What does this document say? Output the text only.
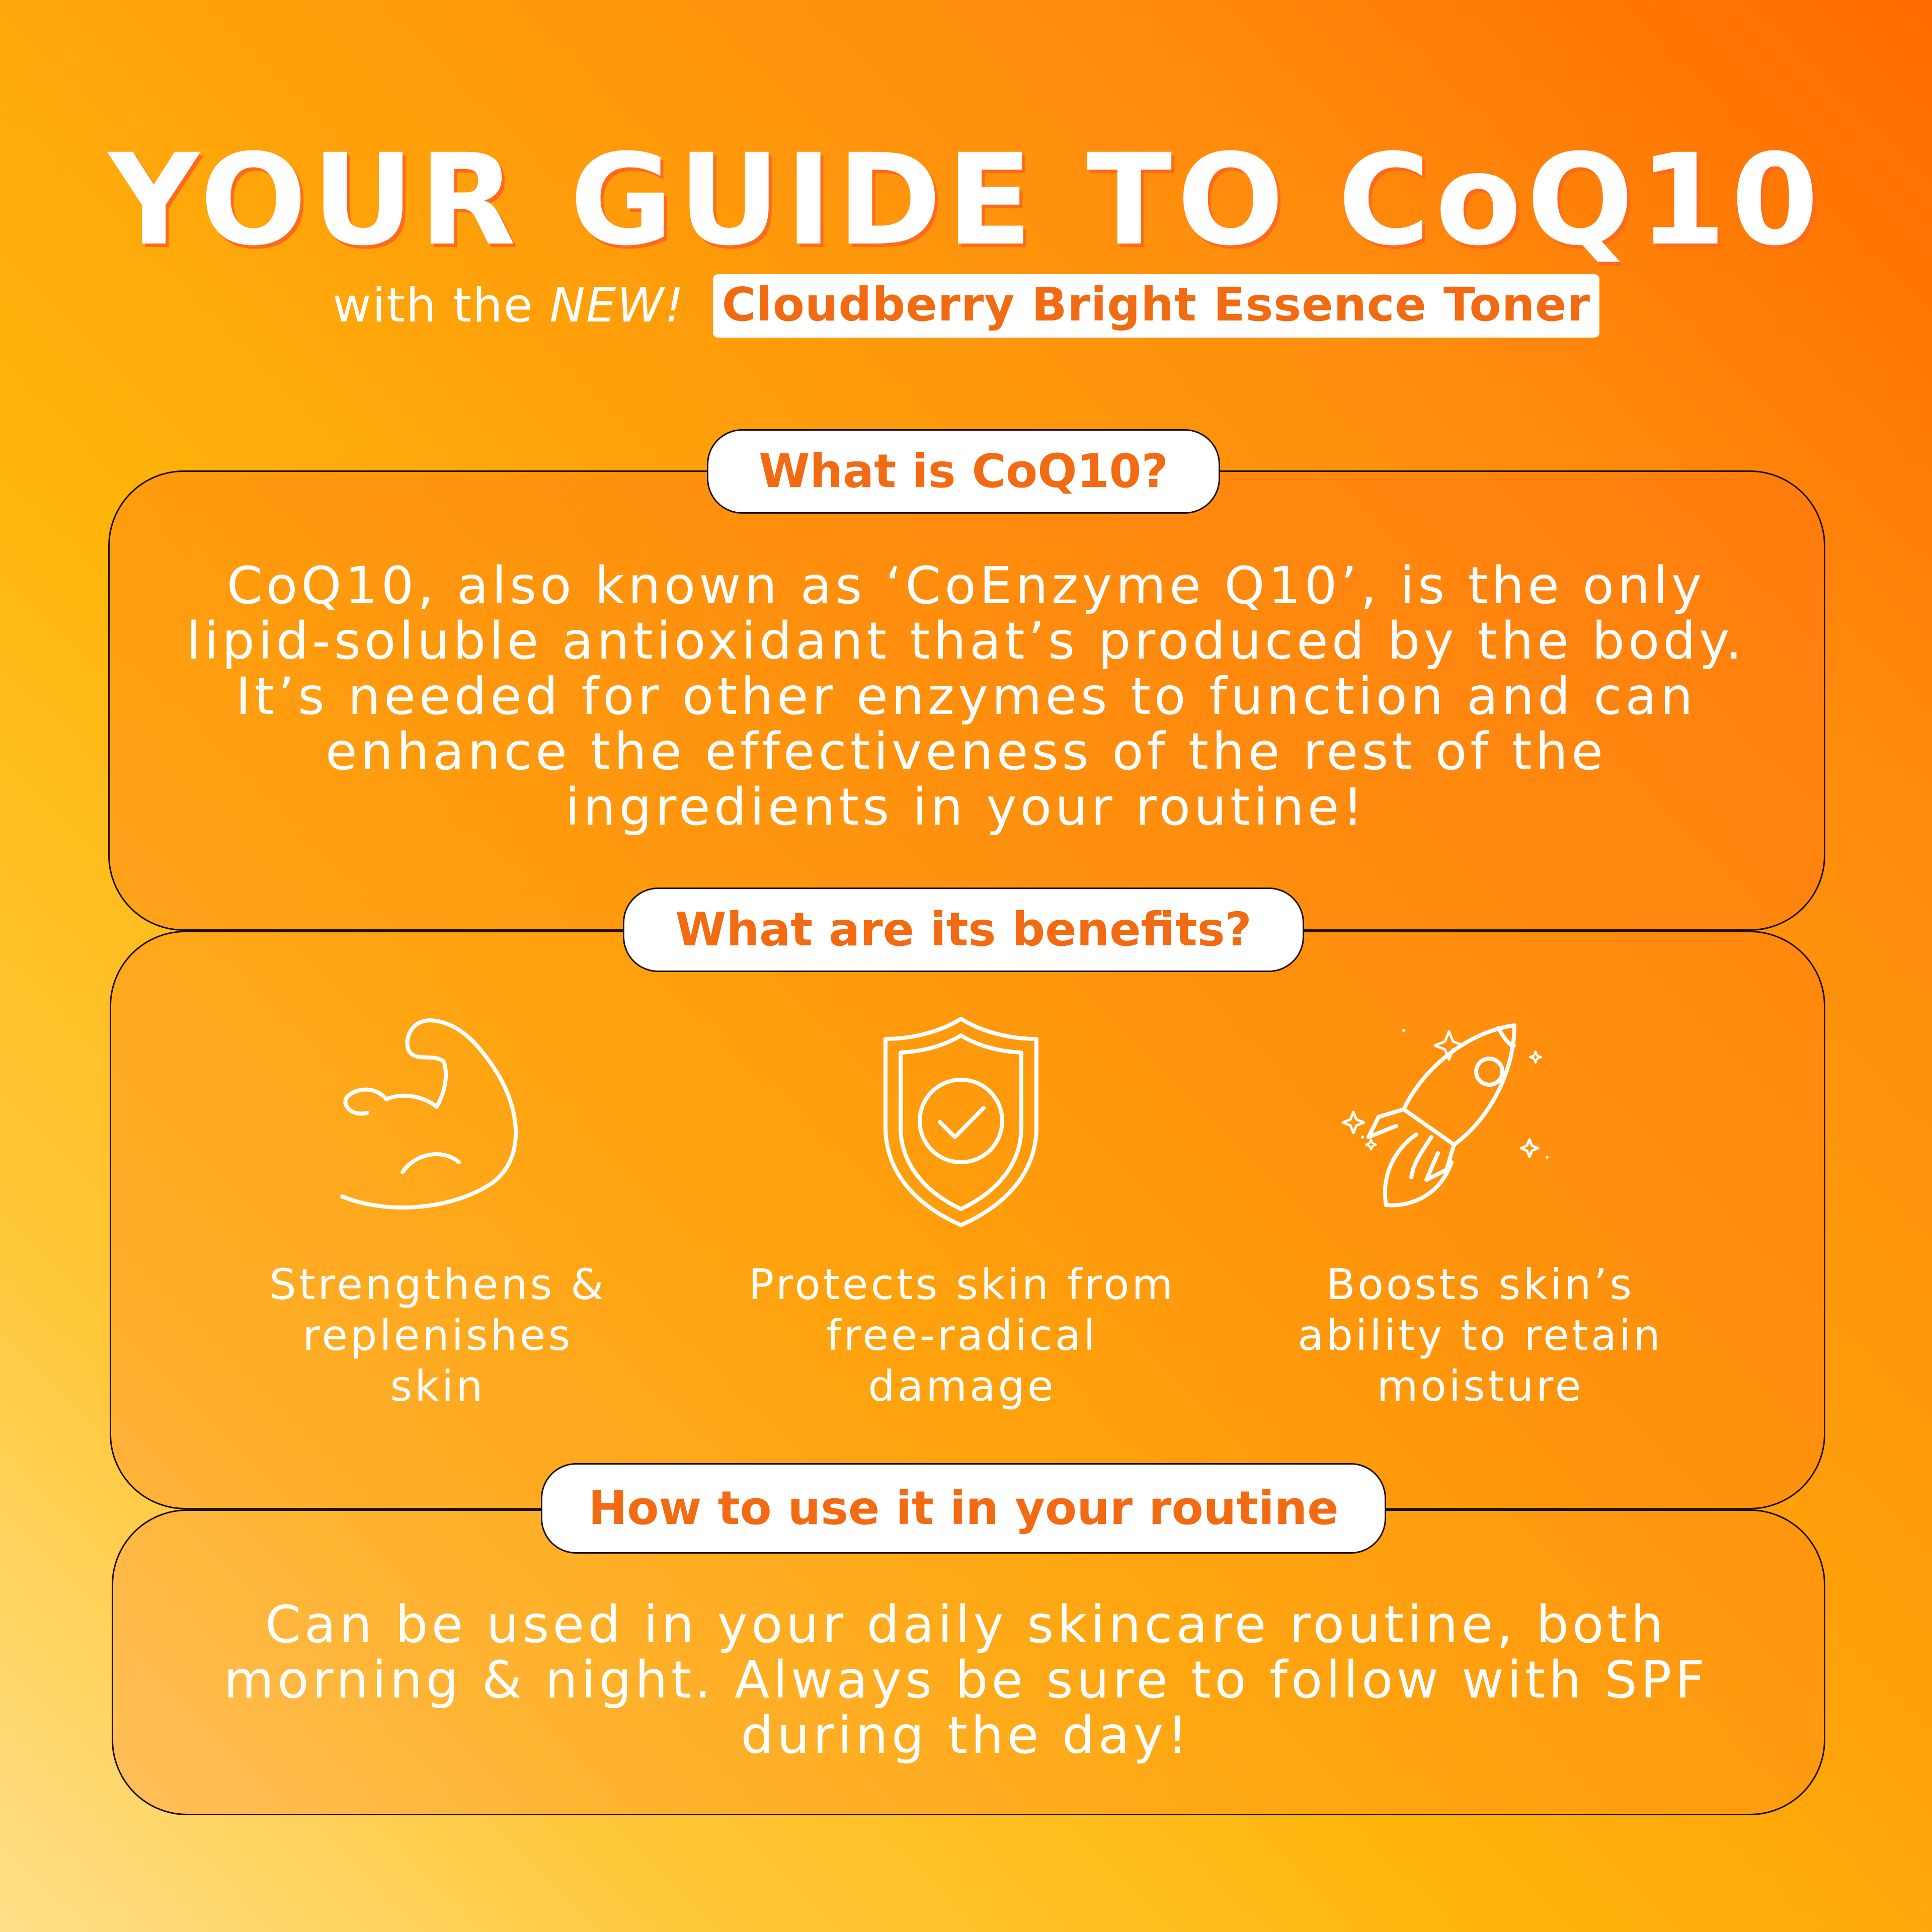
YOUR GUIDE TO CoQ10
with the NEW! Cloudberry Bright Essence Toner
What is CoQ10?
What are its benefits?
How to use it in your routine
CoQ10, also known as ‘CoEnzyme Q10’, is the only lipid-soluble antioxidant that’s produced by the body. It’s needed for other enzymes to function and can enhance the effectiveness of the rest of the ingredients in your routine!
Strengthens &
replenishes
skin
Protects skin from
free-radical
damage
Boosts skin’s
ability to retain
moisture
Can be used in your daily skincare routine, both morning & night. Always be sure to follow with SPF during the day!
